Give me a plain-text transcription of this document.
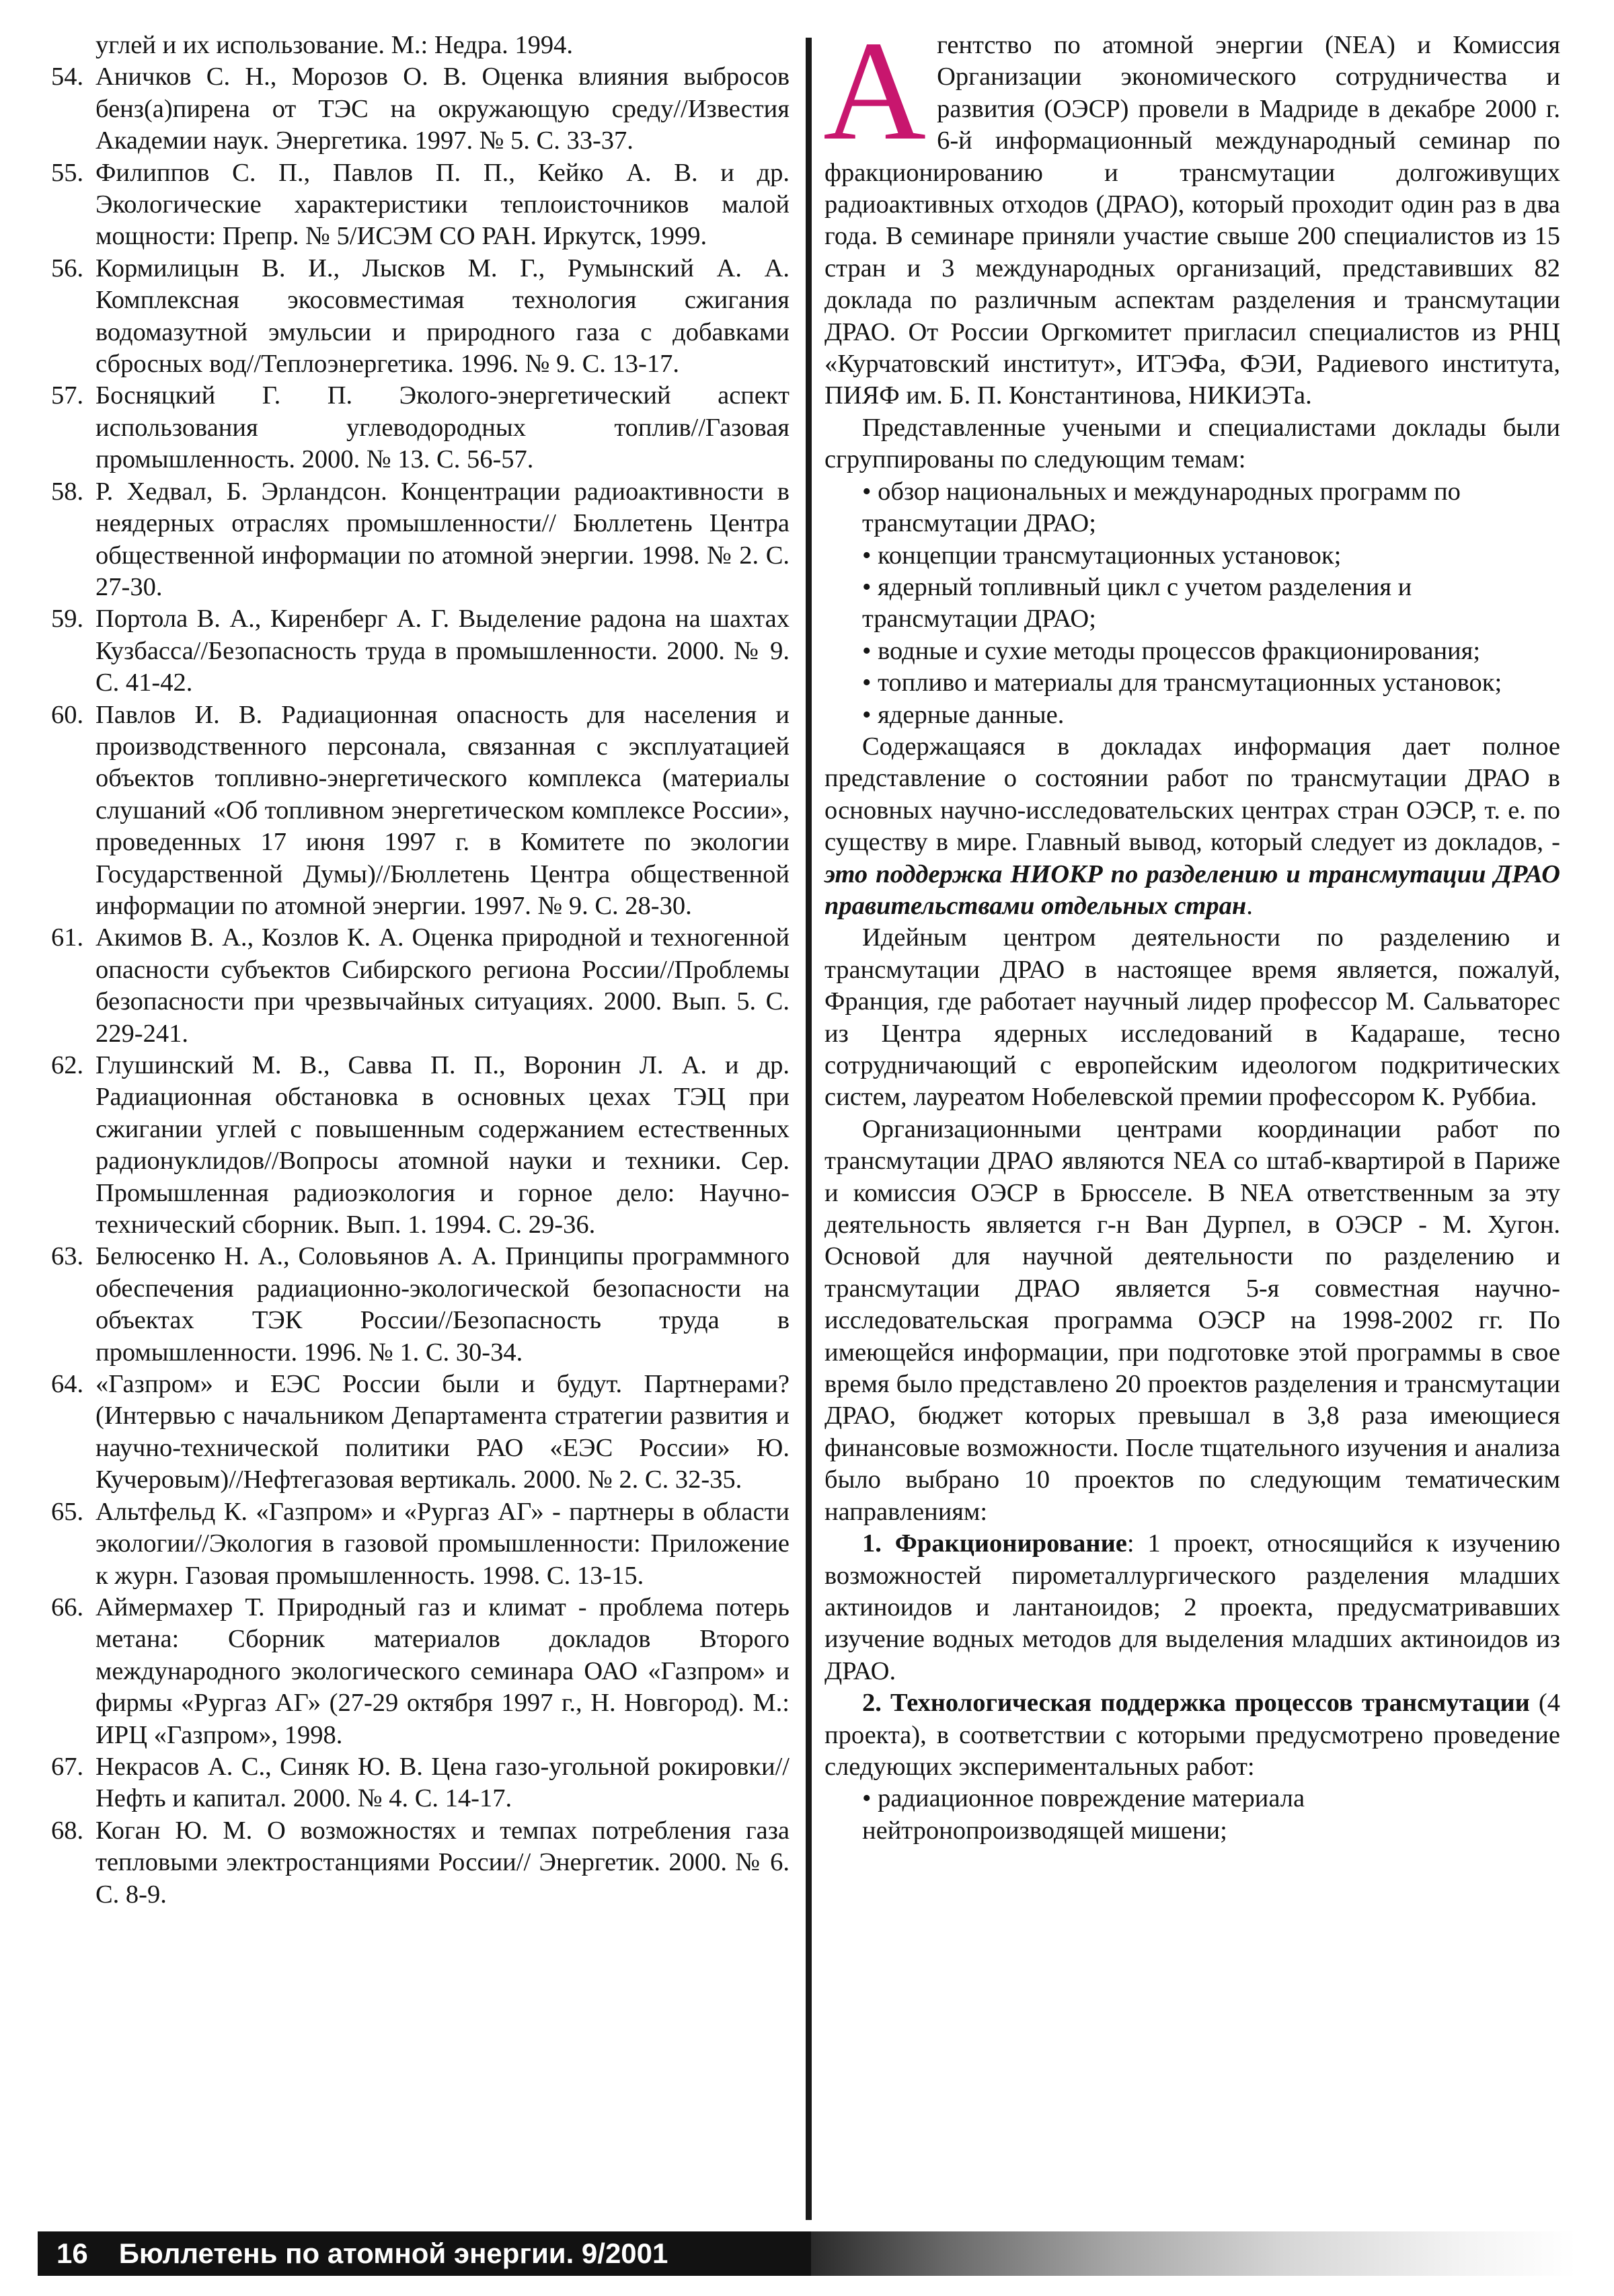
углей и их использование. М.: Недра. 1994.
54. Аничков С. Н., Морозов О. В. Оценка влияния выбросов бенз(а)пирена от ТЭС на окружающую среду//Известия Академии наук. Энергетика. 1997. № 5. С. 33-37.
55. Филиппов С. П., Павлов П. П., Кейко А. В. и др. Экологические характеристики теплоисточников малой мощности: Препр. № 5/ИСЭМ СО РАН. Иркутск, 1999.
56. Кормилицын В. И., Лысков М. Г., Румынский А. А. Комплексная экосовместимая технология сжигания водомазутной эмульсии и природного газа с добавками сбросных вод//Теплоэнергетика. 1996. № 9. С. 13-17.
57. Босняцкий Г. П. Эколого-энергетический аспект использования углеводородных топлив//Газовая промышленность. 2000. № 13. С. 56-57.
58. Р. Хедвал, Б. Эрландсон. Концентрации радиоактивности в неядерных отраслях промышленности// Бюллетень Центра общественной информации по атомной энергии. 1998. № 2. С. 27-30.
59. Портола В. А., Киренберг А. Г. Выделение радона на шахтах Кузбасса//Безопасность труда в промышленности. 2000. № 9. С. 41-42.
60. Павлов И. В. Радиационная опасность для населения и производственного персонала, связанная с эксплуатацией объектов топливно-энергетического комплекса (материалы слушаний «Об топливном энергетическом комплексе России», проведенных 17 июня 1997 г. в Комитете по экологии Государственной Думы)//Бюллетень Центра общественной информации по атомной энергии. 1997. № 9. С. 28-30.
61. Акимов В. А., Козлов К. А. Оценка природной и техногенной опасности субъектов Сибирского региона России//Проблемы безопасности при чрезвычайных ситуациях. 2000. Вып. 5. С. 229-241.
62. Глушинский М. В., Савва П. П., Воронин Л. А. и др. Радиационная обстановка в основных цехах ТЭЦ при сжигании углей с повышенным содержанием естественных радионуклидов//Вопросы атомной науки и техники. Сер. Промышленная радиоэкология и горное дело: Научно-технический сборник. Вып. 1. 1994. С. 29-36.
63. Белюсенко Н. А., Соловьянов А. А. Принципы программного обеспечения радиационно-экологической безопасности на объектах ТЭК России//Безопасность труда в промышленности. 1996. № 1. С. 30-34.
64. «Газпром» и ЕЭС России были и будут. Партнерами? (Интервью с начальником Департамента стратегии развития и научно-технической политики РАО «ЕЭС России» Ю. Кучеровым)//Нефтегазовая вертикаль. 2000. № 2. С. 32-35.
65. Альтфельд К. «Газпром» и «Рургаз АГ» - партнеры в области экологии//Экология в газовой промышленности: Приложение к журн. Газовая промышленность. 1998. С. 13-15.
66. Аймермахер Т. Природный газ и климат - проблема потерь метана: Сборник материалов докладов Второго международного экологического семинара ОАО «Газпром» и фирмы «Рургаз АГ» (27-29 октября 1997 г., Н. Новгород). М.: ИРЦ «Газпром», 1998.
67. Некрасов А. С., Синяк Ю. В. Цена газо-угольной рокировки//Нефть и капитал. 2000. № 4. С. 14-17.
68. Коган Ю. М. О возможностях и темпах потребления газа тепловыми электростанциями России// Энергетик. 2000. № 6. С. 8-9.
А гентство по атомной энергии (NEA) и Комиссия Организации экономического сотрудничества и развития (ОЭСР) провели в Мадриде в декабре 2000 г. 6-й информационный международный семинар по фракционированию и трансмутации долгоживущих радиоактивных отходов (ДРАО), который проходит один раз в два года. В семинаре приняли участие свыше 200 специалистов из 15 стран и 3 международных организаций, представивших 82 доклада по различным аспектам разделения и трансмутации ДРАО. От России Оргкомитет пригласил специалистов из РНЦ «Курчатовский институт», ИТЭФа, ФЭИ, Радиевого института, ПИЯФ им. Б. П. Константинова, НИКИЭТа.

Представленные учеными и специалистами доклады были сгруппированы по следующим темам:

• обзор национальных и международных программ по трансмутации ДРАО;

• концепции трансмутационных установок;

• ядерный топливный цикл с учетом разделения и трансмутации ДРАО;

• водные и сухие методы процессов фракционирования;

• топливо и материалы для трансмутационных установок;

• ядерные данные.

Содержащаяся в докладах информация дает полное представление о состоянии работ по трансмутации ДРАО в основных научно-исследовательских центрах стран ОЭСР, т. е. по существу в мире. Главный вывод, который следует из докладов, - это поддержка НИОКР по разделению и трансмутации ДРАО правительствами отдельных стран.

Идейным центром деятельности по разделению и трансмутации ДРАО в настоящее время является, пожалуй, Франция, где работает научный лидер профессор М. Сальваторес из Центра ядерных исследований в Кадараше, тесно сотрудничающий с европейским идеологом подкритических систем, лауреатом Нобелевской премии профессором К. Руббиа.

Организационными центрами координации работ по трансмутации ДРАО являются NEA со штаб-квартирой в Париже и комиссия ОЭСР в Брюсселе. В NEA ответственным за эту деятельность является г-н Ван Дурпел, в ОЭСР - М. Хугон. Основой для научной деятельности по разделению и трансмутации ДРАО является 5-я совместная научно-исследовательская программа ОЭСР на 1998-2002 гг. По имеющейся информации, при подготовке этой программы в свое время было представлено 20 проектов разделения и трансмутации ДРАО, бюджет которых превышал в 3,8 раза имеющиеся финансовые возможности. После тщательного изучения и анализа было выбрано 10 проектов по следующим тематическим направлениям:

1. Фракционирование: 1 проект, относящийся к изучению возможностей пирометаллургического разделения младших актиноидов и лантаноидов; 2 проекта, предусматривавших изучение водных методов для выделения младших актиноидов из ДРАО.

2. Технологическая поддержка процессов трансмутации (4 проекта), в соответствии с которыми предусмотрено проведение следующих экспериментальных работ:

• радиационное повреждение материала нейтронопроизводящей мишени;

16 Бюллетень по атомной энергии. 9/2001
